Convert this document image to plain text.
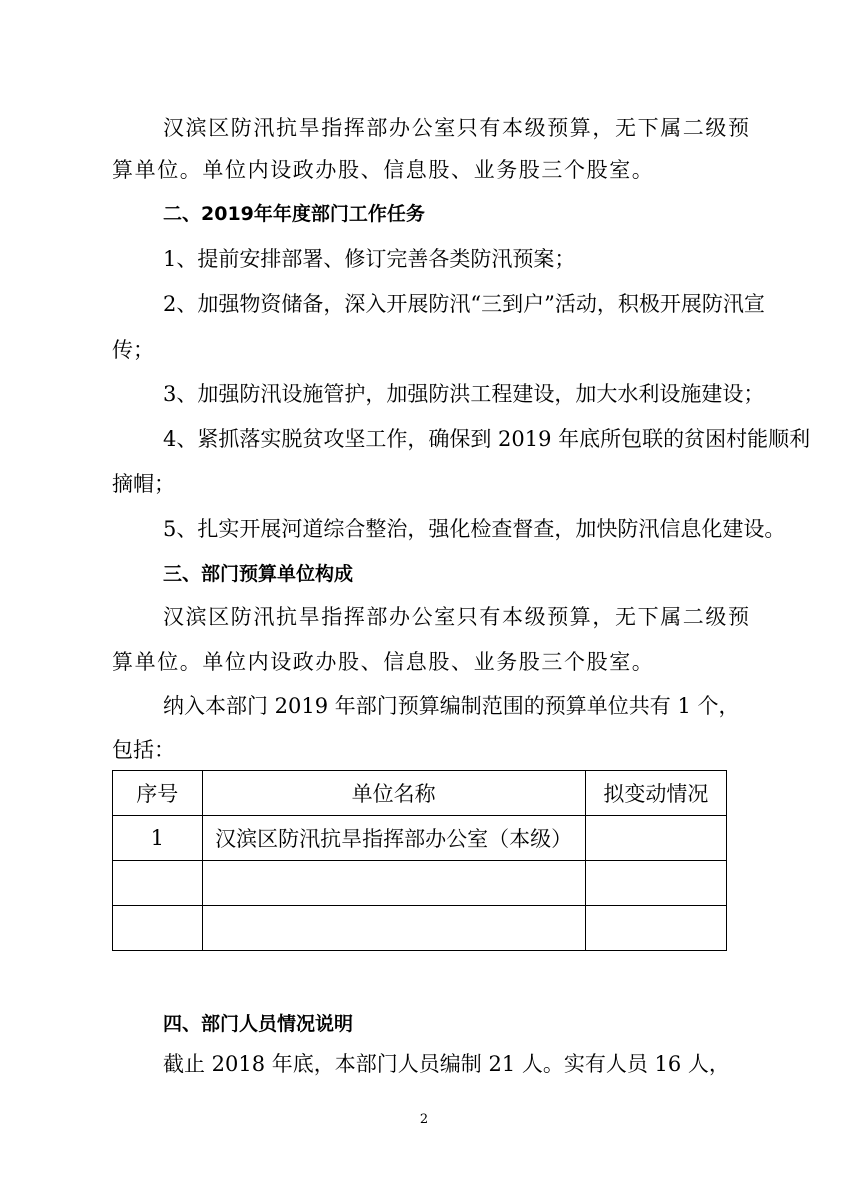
汉滨区防汛抗旱指挥部办公室只有本级预算，无下属二级预
算单位。单位内设政办股、信息股、业务股三个股室。
二、2019年年度部门工作任务
1、提前安排部署、修订完善各类防汛预案；
2、加强物资储备，深入开展防汛“三到户”活动，积极开展防汛宣
传；
3、加强防汛设施管护，加强防洪工程建设，加大水利设施建设；
4、紧抓落实脱贫攻坚工作，确保到 2019 年底所包联的贫困村能顺利
摘帽；
5、扎实开展河道综合整治，强化检查督查，加快防汛信息化建设。
三、部门预算单位构成
汉滨区防汛抗旱指挥部办公室只有本级预算，无下属二级预
算单位。单位内设政办股、信息股、业务股三个股室。
纳入本部门 2019 年部门预算编制范围的预算单位共有 1 个，
包括：
序号	单位名称	拟变动情况
1	汉滨区防汛抗旱指挥部办公室（本级）	

四、部门人员情况说明
截止 2018 年底，本部门人员编制 21 人。实有人员 16 人，
2
